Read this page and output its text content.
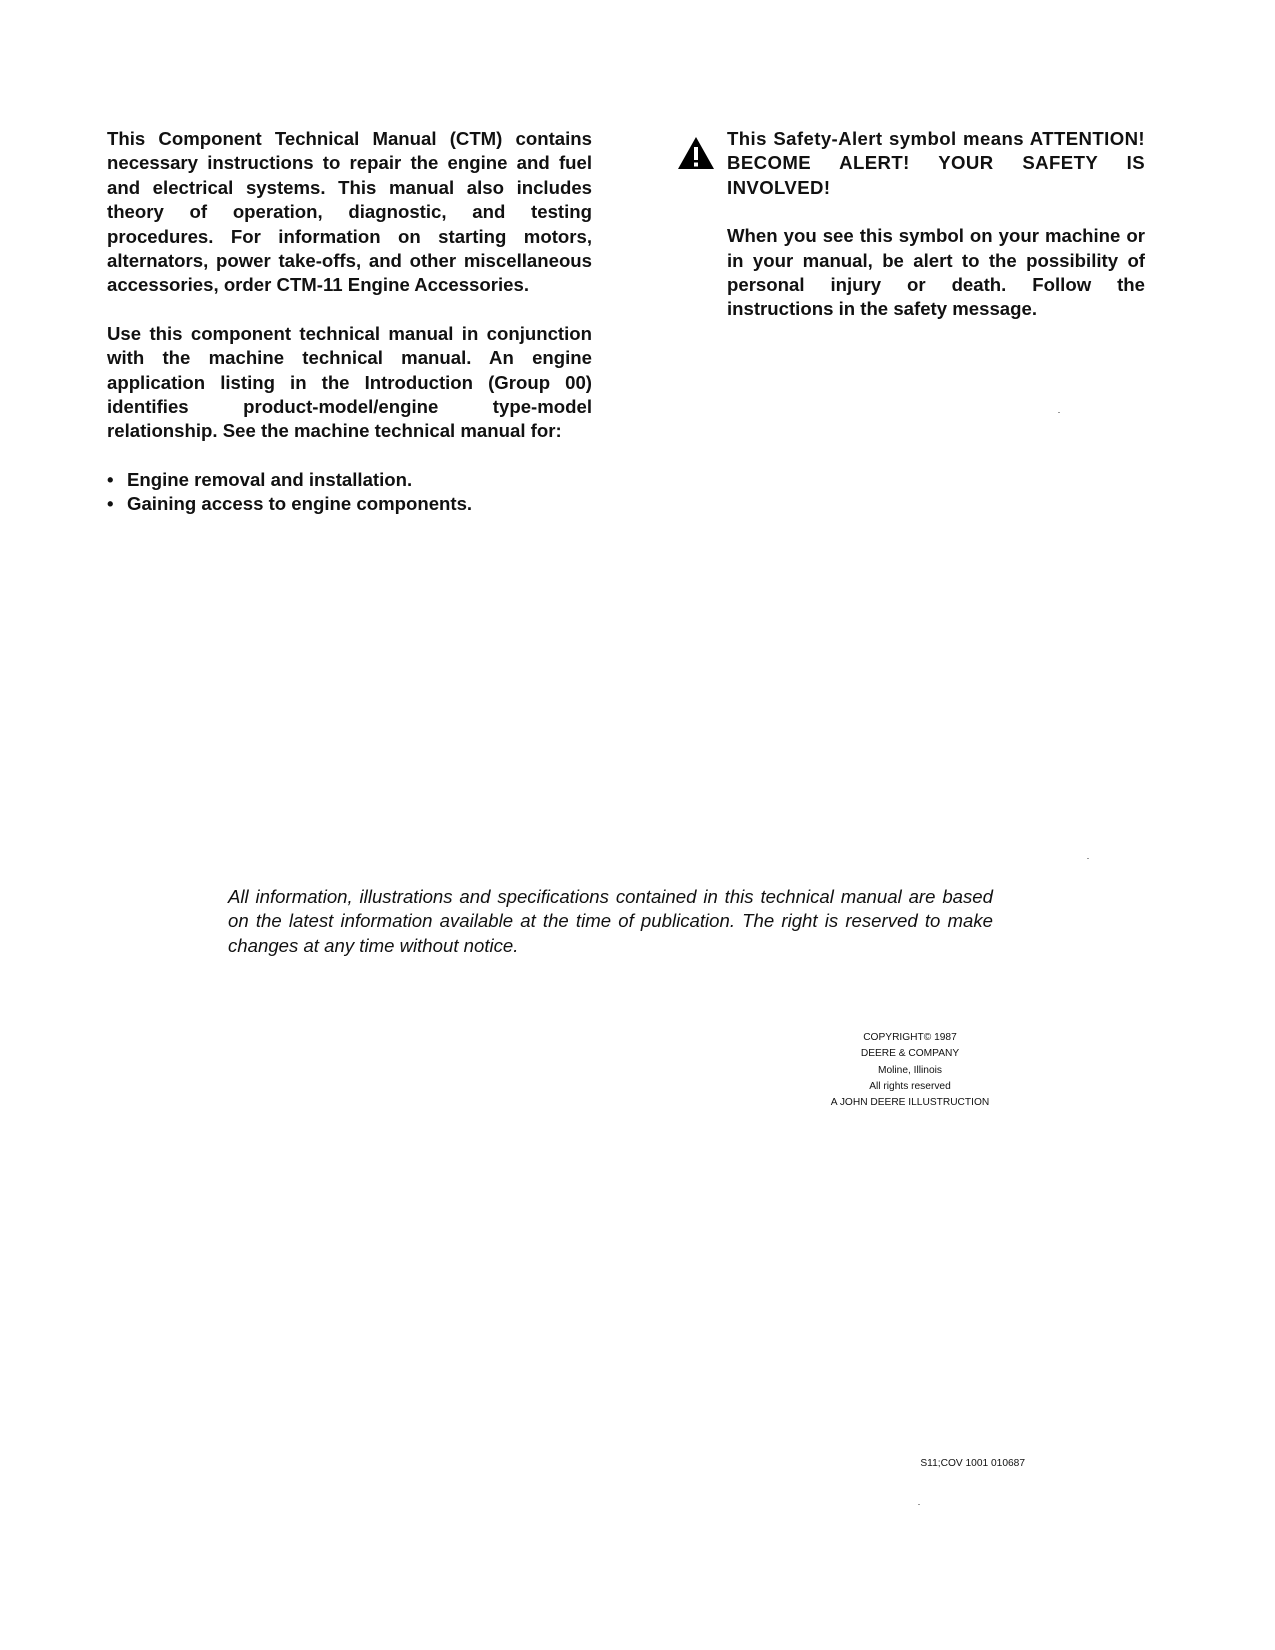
This Component Technical Manual (CTM) contains necessary instructions to repair the engine and fuel and electrical systems. This manual also includes theory of operation, diagnostic, and testing procedures. For information on starting motors, alternators, power take-offs, and other miscellaneous accessories, order CTM-11 Engine Accessories.

Use this component technical manual in conjunction with the machine technical manual. An engine application listing in the Introduction (Group 00) identifies product-model/engine type-model relationship. See the machine technical manual for:

• Engine removal and installation.
• Gaining access to engine components.
This Safety-Alert symbol means ATTENTION! BECOME ALERT! YOUR SAFETY IS INVOLVED!

When you see this symbol on your machine or in your manual, be alert to the possibility of personal injury or death. Follow the instructions in the safety message.

All information, illustrations and specifications contained in this technical manual are based on the latest information available at the time of publication. The right is reserved to make changes at any time without notice.
COPYRIGHT© 1987
DEERE & COMPANY
Moline, Illinois
All rights reserved
A JOHN DEERE ILLUSTRUCTION
S11;COV 1001 010687
